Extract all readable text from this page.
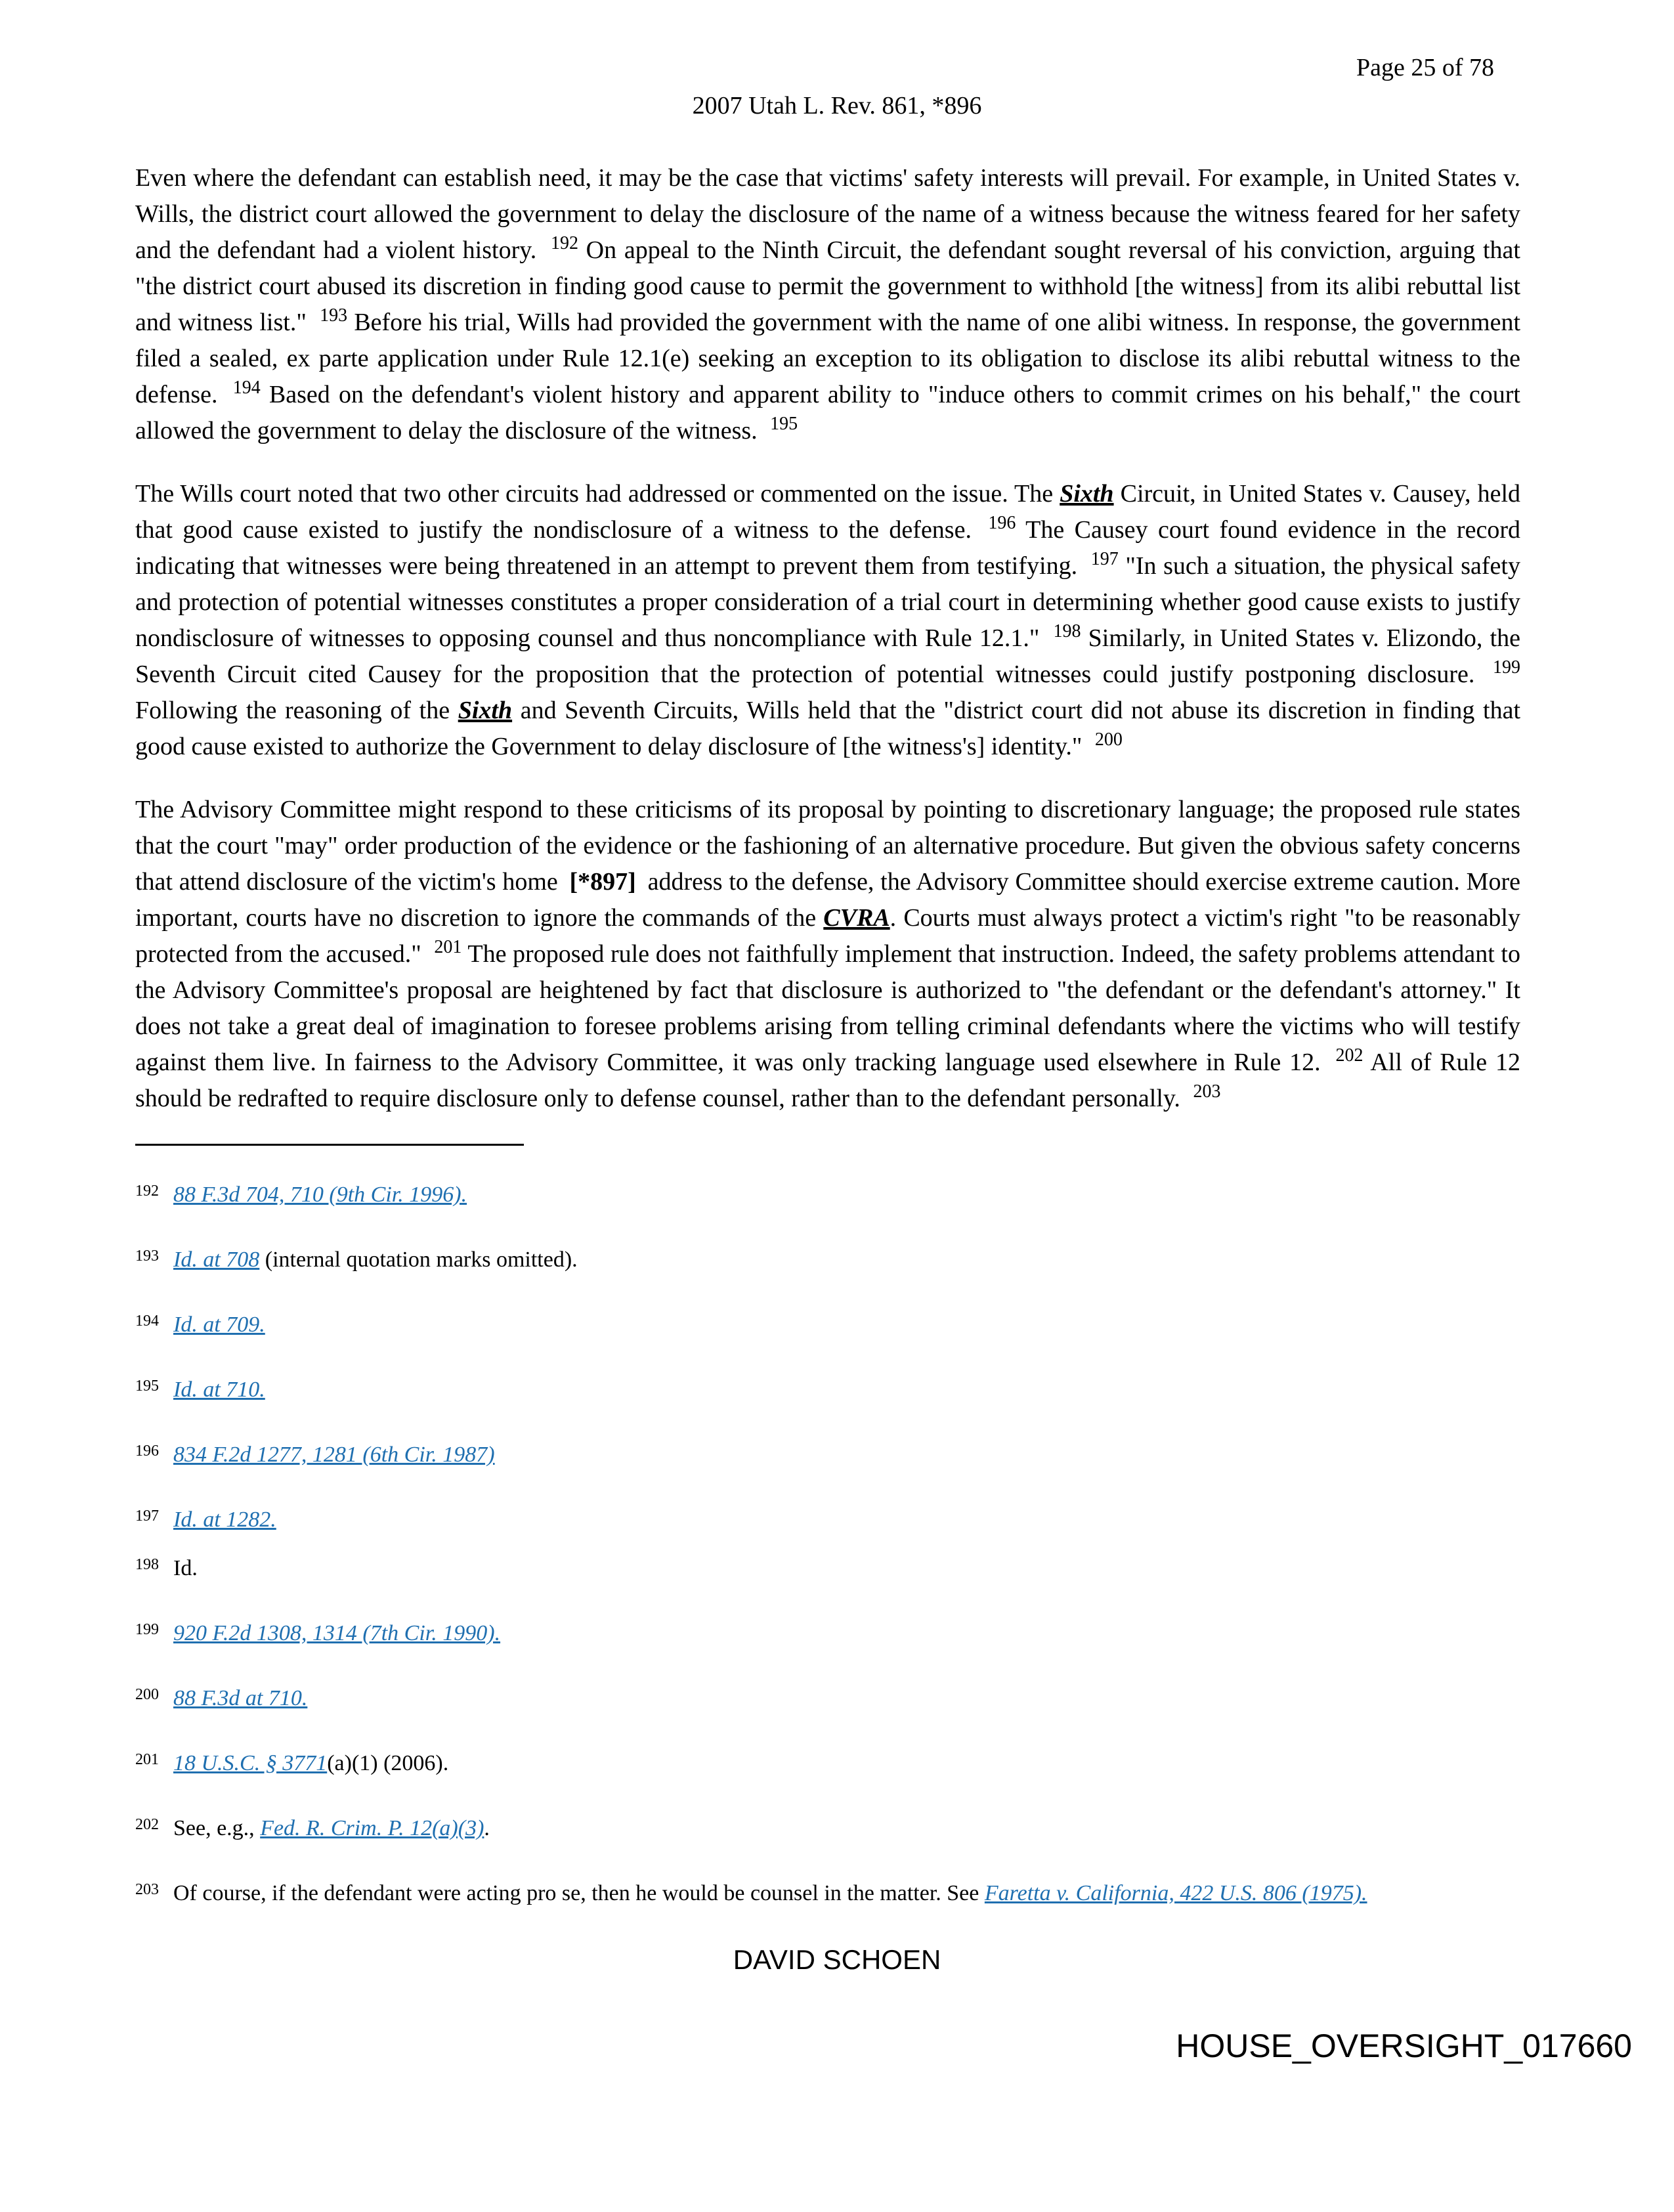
Page 25 of 78
2007 Utah L. Rev. 861, *896

Even where the defendant can establish need, it may be the case that victims' safety interests will prevail. For example, in United States v. Wills, the district court allowed the government to delay the disclosure of the name of a witness because the witness feared for her safety and the defendant had a violent history. $^{192}$ On appeal to the Ninth Circuit, the defendant sought reversal of his conviction, arguing that "the district court abused its discretion in finding good cause to permit the government to withhold [the witness] from its alibi rebuttal list and witness list." $^{193}$ Before his trial, Wills had provided the government with the name of one alibi witness. In response, the government filed a sealed, ex parte application under Rule 12.1(e) seeking an exception to its obligation to disclose its alibi rebuttal witness to the defense. $^{194}$ Based on the defendant's violent history and apparent ability to "induce others to commit crimes on his behalf," the court allowed the government to delay the disclosure of the witness. $^{195}$

The Wills court noted that two other circuits had addressed or commented on the issue. The Sixth Circuit, in United States v. Causey, held that good cause existed to justify the nondisclosure of a witness to the defense. $^{196}$ The Causey court found evidence in the record indicating that witnesses were being threatened in an attempt to prevent them from testifying. $^{197}$ "In such a situation, the physical safety and protection of potential witnesses constitutes a proper consideration of a trial court in determining whether good cause exists to justify nondisclosure of witnesses to opposing counsel and thus noncompliance with Rule 12.1." $^{198}$ Similarly, in United States v. Elizondo, the Seventh Circuit cited Causey for the proposition that the protection of potential witnesses could justify postponing disclosure. $^{199}$ Following the reasoning of the Sixth and Seventh Circuits, Wills held that the "district court did not abuse its discretion in finding that good cause existed to authorize the Government to delay disclosure of [the witness's] identity." $^{200}$

The Advisory Committee might respond to these criticisms of its proposal by pointing to discretionary language; the proposed rule states that the court "may" order production of the evidence or the fashioning of an alternative procedure. But given the obvious safety concerns that attend disclosure of the victim's home [*897] address to the defense, the Advisory Committee should exercise extreme caution. More important, courts have no discretion to ignore the commands of the CVRA. Courts must always protect a victim's right "to be reasonably protected from the accused." $^{201}$ The proposed rule does not faithfully implement that instruction. Indeed, the safety problems attendant to the Advisory Committee's proposal are heightened by fact that disclosure is authorized to "the defendant or the defendant's attorney." It does not take a great deal of imagination to foresee problems arising from telling criminal defendants where the victims who will testify against them live. In fairness to the Advisory Committee, it was only tracking language used elsewhere in Rule 12. $^{202}$ All of Rule 12 should be redrafted to require disclosure only to defense counsel, rather than to the defendant personally. $^{203}$

$^{192}$ 88 F.3d 704, 710 (9th Cir. 1996).
$^{193}$ Id. at 708 (internal quotation marks omitted).
$^{194}$ Id. at 709.
$^{195}$ Id. at 710.
$^{196}$ 834 F.2d 1277, 1281 (6th Cir. 1987)
$^{197}$ Id. at 1282.
$^{198}$ Id.
$^{199}$ 920 F.2d 1308, 1314 (7th Cir. 1990).
$^{200}$ 88 F.3d at 710.
$^{201}$ 18 U.S.C. § 3771(a)(1) (2006).
$^{202}$ See, e.g., Fed. R. Crim. P. 12(a)(3).
$^{203}$ Of course, if the defendant were acting pro se, then he would be counsel in the matter. See Faretta v. California, 422 U.S. 806 (1975).
DAVID SCHOEN
HOUSE_OVERSIGHT_017660
